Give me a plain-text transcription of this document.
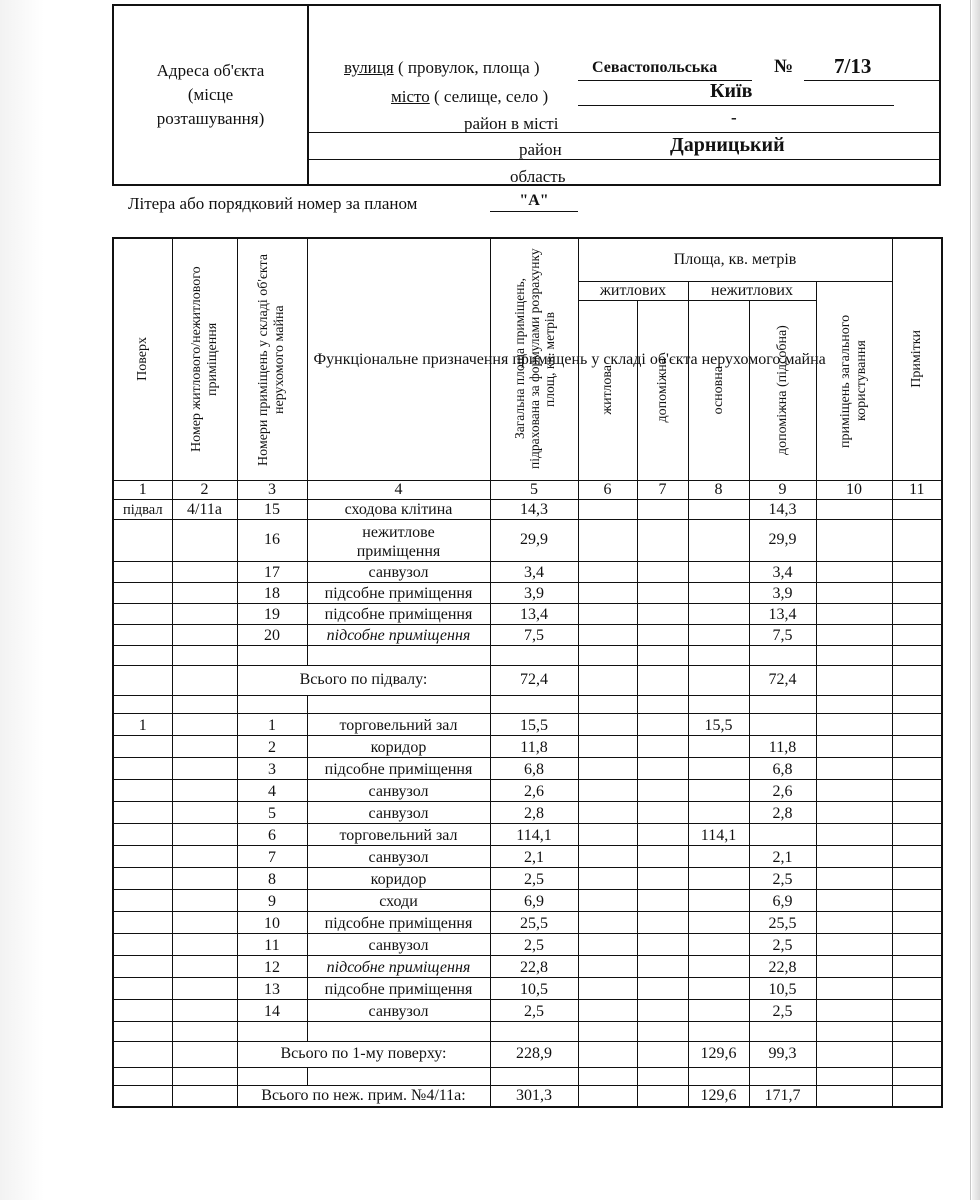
Адреса об'єкта
(місце
розташування)
вулиця ( провулок, площа )	Севастопольська	№ 7/13
місто ( селище, село )	Київ
район в місті	-
район	Дарницький
область
Літера або порядковий номер за планом	"А"
Поверх	Номер житлового/нежитлового приміщення	Номери приміщень у складі об'єкта нерухомого майна	Функціональне призначення приміщень у складі об'єкта нерухомого майна	Загальна площа приміщень, підрахована за формулами розрахунку площ, кв. метрів	Площа, кв. метрів					Примітки

					житлових		нежитлових		приміщень загального користування	

					житлова	допоміжна	основна	допоміжна (підсобна)		

1	2	3	4	5	6	7	8	9	10	11
підвал	4/11а	15	сходова клітина	14,3				14,3		
		16	нежитлове приміщення	29,9				29,9		
		17	санвузол	3,4				3,4		
		18	підсобне приміщення	3,9				3,9		
		19	підсобне приміщення	13,4				13,4		
		20	підсобне приміщення	7,5				7,5		

		Всього по підвалу:		72,4				72,4		

1		1	торговельний зал	15,5			15,5			
		2	коридор	11,8				11,8		
		3	підсобне приміщення	6,8				6,8		
		4	санвузол	2,6				2,6		
		5	санвузол	2,8				2,8		
		6	торговельний зал	114,1			114,1			
		7	санвузол	2,1				2,1		
		8	коридор	2,5				2,5		
		9	сходи	6,9				6,9		
		10	підсобне приміщення	25,5				25,5		
		11	санвузол	2,5				2,5		
		12	підсобне приміщення	22,8				22,8		
		13	підсобне приміщення	10,5				10,5		
		14	санвузол	2,5				2,5		

		Всього по 1-му поверху:		228,9			129,6	99,3		

		Всього по неж. прим. №4/11а:		301,3			129,6	171,7		
